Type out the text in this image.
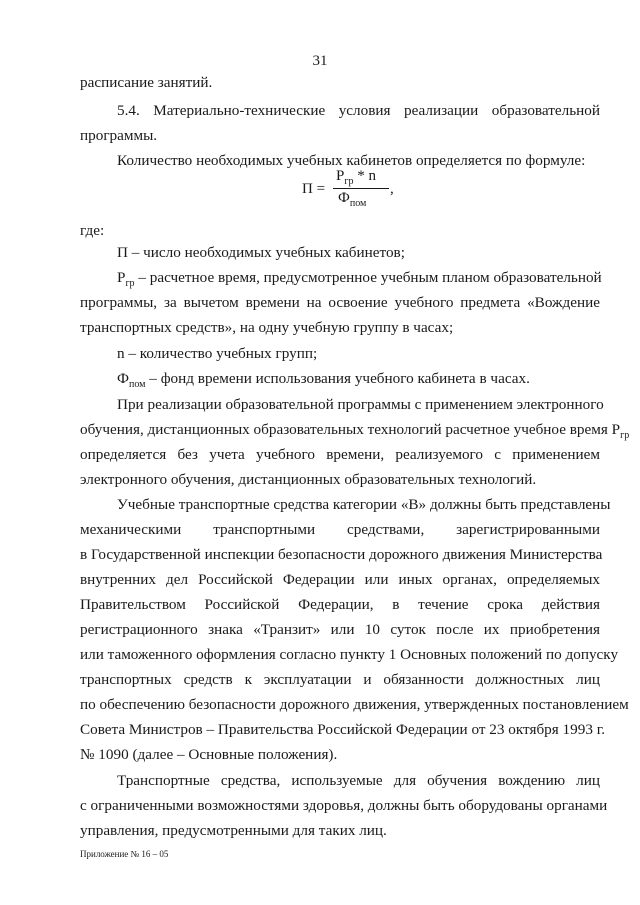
31
расписание занятий.
5.4. Материально-технические условия реализации образовательной
программы.
Количество необходимых учебных кабинетов определяется по формуле:
П =
$Р_{гр}$ * n
$Ф_{пом}$
,
где:
П – число необходимых учебных кабинетов;
$Р_{гр}$ – расчетное время, предусмотренное учебным планом образовательной
программы, за вычетом времени на освоение учебного предмета «Вождение
транспортных средств», на одну учебную группу в часах;
n – количество учебных групп;
$Ф_{пом}$ – фонд времени использования учебного кабинета в часах.
При реализации образовательной программы с применением электронного
обучения, дистанционных образовательных технологий расчетное учебное время $Р_{гр}$
определяется без учета учебного времени, реализуемого с применением
электронного обучения, дистанционных образовательных технологий.
Учебные транспортные средства категории «В» должны быть представлены
механическими транспортными средствами, зарегистрированными
в Государственной инспекции безопасности дорожного движения Министерства
внутренних дел Российской Федерации или иных органах, определяемых
Правительством Российской Федерации, в течение срока действия
регистрационного знака «Транзит» или 10 суток после их приобретения
или таможенного оформления согласно пункту 1 Основных положений по допуску
транспортных средств к эксплуатации и обязанности должностных лиц
по обеспечению безопасности дорожного движения, утвержденных постановлением
Совета Министров – Правительства Российской Федерации от 23 октября 1993 г.
№ 1090 (далее – Основные положения).
Транспортные средства, используемые для обучения вождению лиц
с ограниченными возможностями здоровья, должны быть оборудованы органами
управления, предусмотренными для таких лиц.
Приложение № 16 – 05
